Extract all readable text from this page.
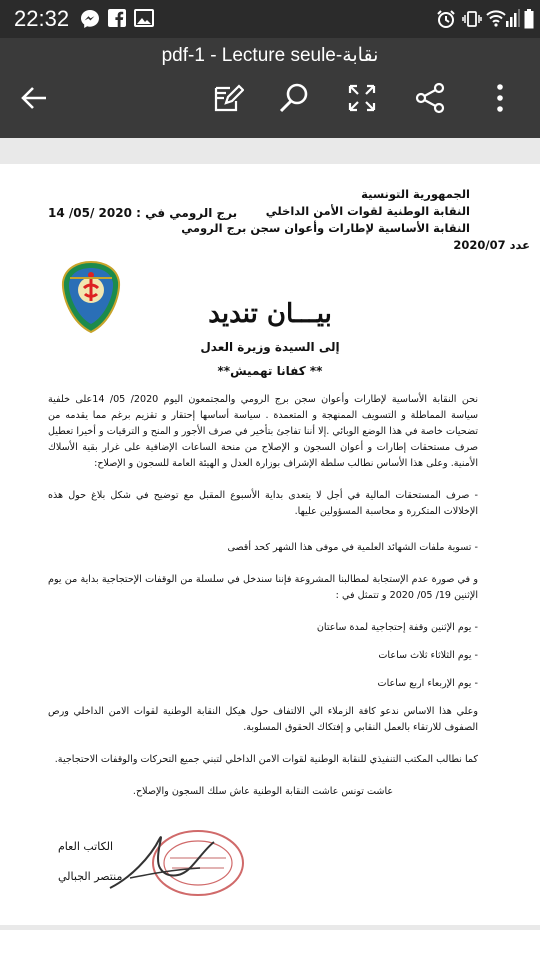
22:32
pdf-1 - Lecture seule-نقابة
الجمهورية التونسية
النقابة الوطنية لقوات الأمن الداخلي
النقابة الأساسية لإطارات وأعوان سجن برج الرومي
عدد 2020/07
برج الرومي في : 2020 /05/ 14
بيـــان تنديد
إلى السيدة وزيرة العدل
** كفانا تهميش**
نحن النقابة الأساسية لإطارات وأعوان سجن برج الرومي والمجتمعون اليوم 2020/ 05/ 14على خلفية سياسة المماطلة و التسويف الممنهجة و المتعمدة . سياسة أساسها إحتقار و تقزيم برغم مما يقدمه من تضحيات خاصة في هذا الوضع الوبائي .إلا أننا تفاجئ بتأخير في صرف الأجور و المنح و الترقيات و أخيرا تعطيل صرف مستحقات إطارات و أعوان السجون و الإصلاح من منحة الساعات الإضافية على غرار بقية الأسلاك الأمنية. وعلى هذا الأساس نطالب سلطة الإشراف بوزارة العدل و الهيئة العامة للسجون و الإصلاح:
- صرف المستحقات المالية في أجل لا يتعدى بداية الأسبوع المقبل مع توضيح في شكل بلاغ حول هذه الإخلالات المتكررة و محاسبة المسؤولين عليها.
- تسوية ملفات الشهائد العلمية في موفى هذا الشهر كحد أقصى
و في صورة عدم الإستجابة لمطالبنا المشروعة فإننا سندخل في سلسلة من الوقفات الإحتجاجية بداية من يوم الإثنين 19/ 05/ 2020 و تتمثل في :
- يوم الإثنين وقفة إحتجاجية لمدة ساعتان
- يوم الثلاثاء ثلاث ساعات
- يوم الإربعاء اربع ساعات
وعلي هذا الاساس ندعو كافة الزملاء الي الالتفاف حول هيكل النقابة الوطنية لقوات الامن الداخلي ورص الصفوف للارتقاء بالعمل النقابي و إفتكاك الحقوق المسلوبة.
كما نطالب المكتب التنفيذي للنقابة الوطنية لقوات الامن الداخلي لتبني جميع التحركات والوقفات الاحتجاجية.
عاشت تونس عاشت النقابة الوطنية عاش سلك السجون والإصلاح.
الكاتب العام
منتصر الجبالي
